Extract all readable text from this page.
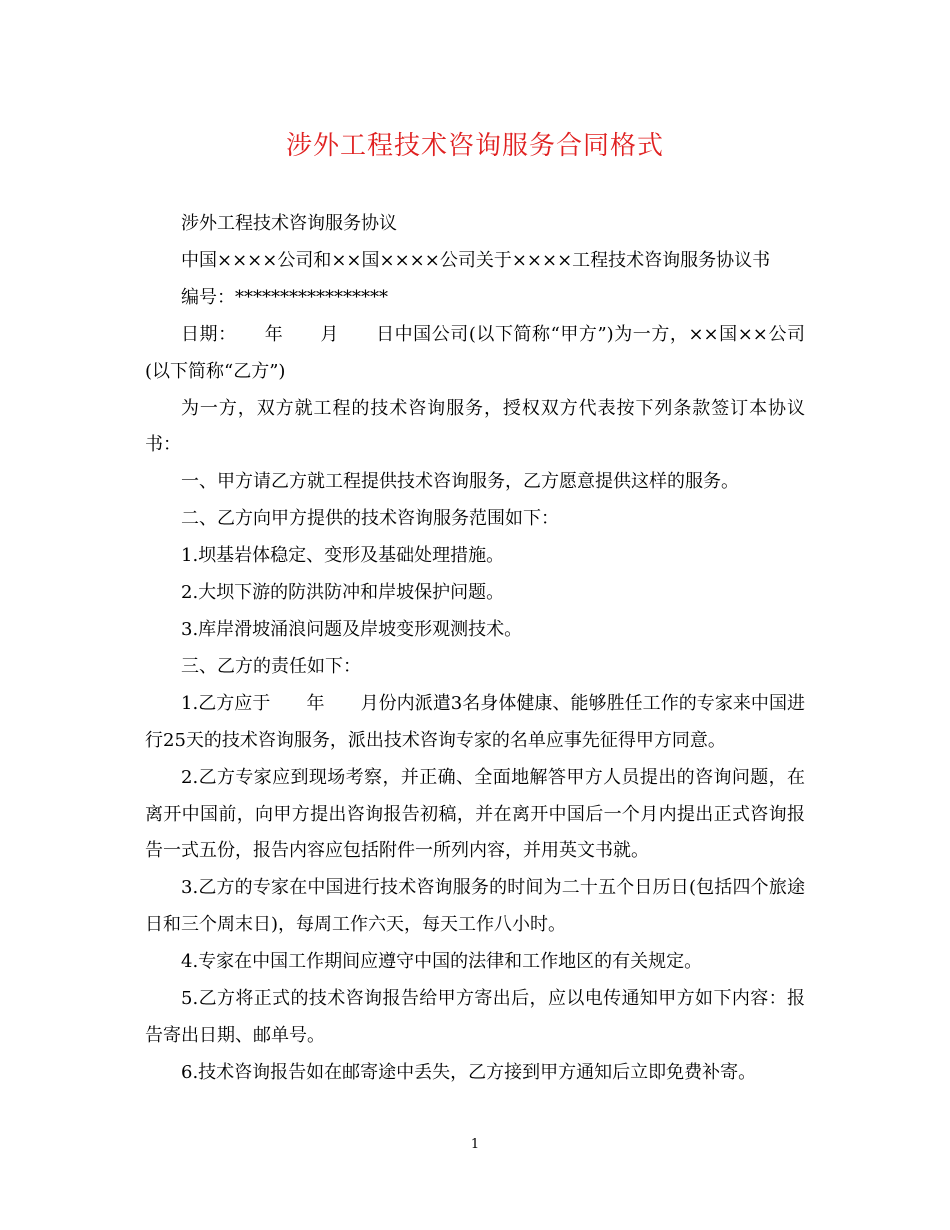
涉外工程技术咨询服务合同格式

涉外工程技术咨询服务协议

中国××××公司和××国××××公司关于××××工程技术咨询服务协议书

编号：*****************

日期：　　年　　月　　日中国公司(以下简称“甲方”)为一方，××国××公司(以下简称“乙方”)

为一方，双方就工程的技术咨询服务，授权双方代表按下列条款签订本协议书：

一、甲方请乙方就工程提供技术咨询服务，乙方愿意提供这样的服务。

二、乙方向甲方提供的技术咨询服务范围如下：

1.坝基岩体稳定、变形及基础处理措施。

2.大坝下游的防洪防冲和岸坡保护问题。

3.库岸滑坡涌浪问题及岸坡变形观测技术。

三、乙方的责任如下：

1.乙方应于　　年　　月份内派遣3名身体健康、能够胜任工作的专家来中国进行25天的技术咨询服务，派出技术咨询专家的名单应事先征得甲方同意。

2.乙方专家应到现场考察，并正确、全面地解答甲方人员提出的咨询问题，在离开中国前，向甲方提出咨询报告初稿，并在离开中国后一个月内提出正式咨询报告一式五份，报告内容应包括附件一所列内容，并用英文书就。

3.乙方的专家在中国进行技术咨询服务的时间为二十五个日历日(包括四个旅途日和三个周末日)，每周工作六天，每天工作八小时。

4.专家在中国工作期间应遵守中国的法律和工作地区的有关规定。

5.乙方将正式的技术咨询报告给甲方寄出后，应以电传通知甲方如下内容：报告寄出日期、邮单号。

6.技术咨询报告如在邮寄途中丢失，乙方接到甲方通知后立即免费补寄。

1
